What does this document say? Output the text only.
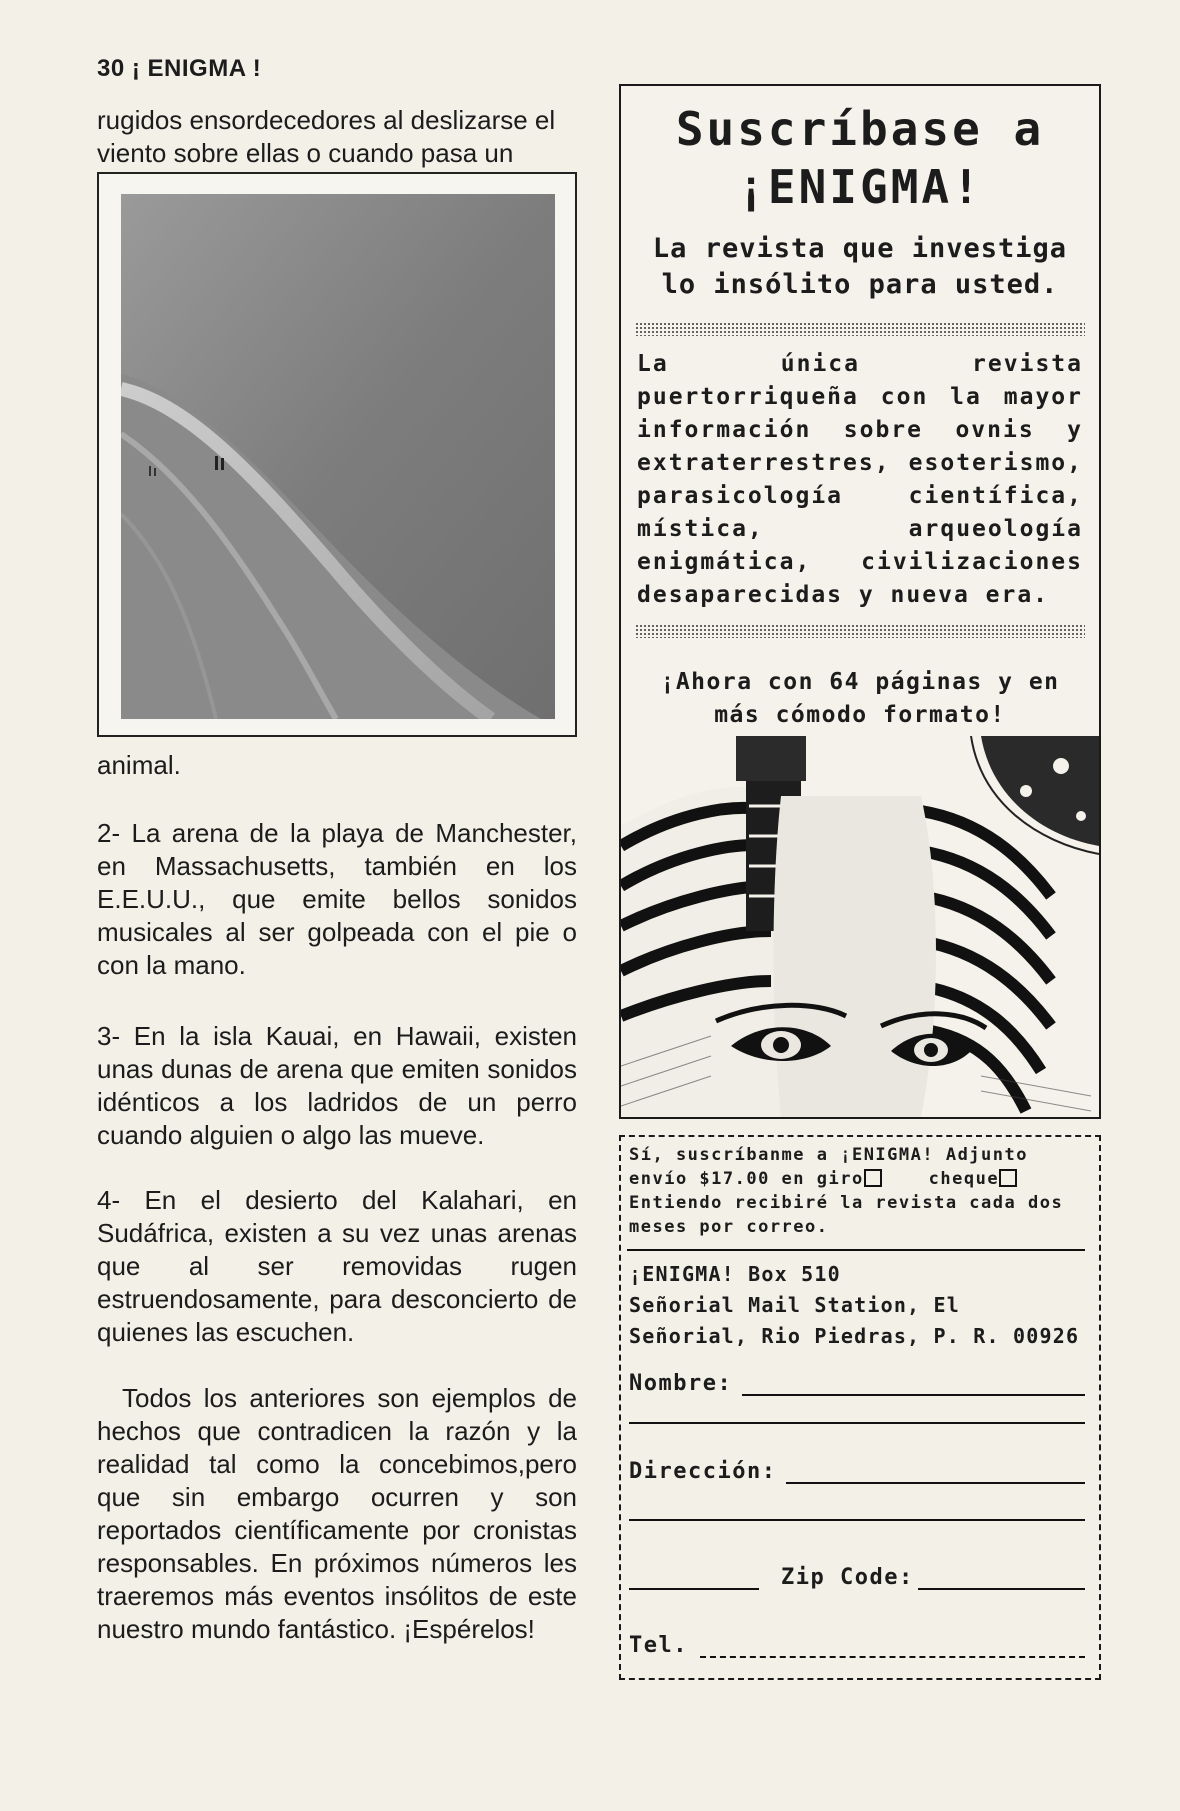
30 ¡ ENIGMA !

rugidos ensordecedores al deslizarse el

viento sobre ellas o cuando pasa un

animal.

2- La arena de la playa de Manchester, en Massachusetts, también en los E.E.U.U., que emite bellos sonidos musicales al ser golpeada con el pie o con la mano.

3- En la isla Kauai, en Hawaii, existen unas dunas de arena que emiten sonidos idénticos a los ladridos de un perro cuando alguien o algo las mueve.

4- En el desierto del Kalahari, en Sudáfrica, existen a su vez unas arenas que al ser removidas rugen estruendosamente, para desconcierto de quienes las escuchen.

Todos los anteriores son ejemplos de hechos que contradicen la razón y la realidad tal como la concebimos,pero que sin embargo ocurren y son reportados científicamente por cronistas responsables. En próximos números les traeremos más eventos insólitos de este nuestro mundo fantástico. ¡Espérelos!

Suscríbase a
¡ENIGMA!
La revista que investiga
lo insólito para usted.
La única revista puertorriqueña con la mayor información sobre ovnis y extraterrestres, esoterismo, parasicología científica, mística, arqueología enigmática, civilizaciones desaparecidas y nueva era.
¡Ahora con 64 páginas y en
más cómodo formato!
Sí, suscríbanme a ¡ENIGMA! Adjunto
envío $17.00 en giro	cheque
Entiendo recibiré la revista cada dos
meses por correo.
¡ENIGMA! Box 510
Señorial Mail Station, El
Señorial, Rio Piedras, P. R. 00926
Nombre:
Dirección:
Zip Code:
Tel.
